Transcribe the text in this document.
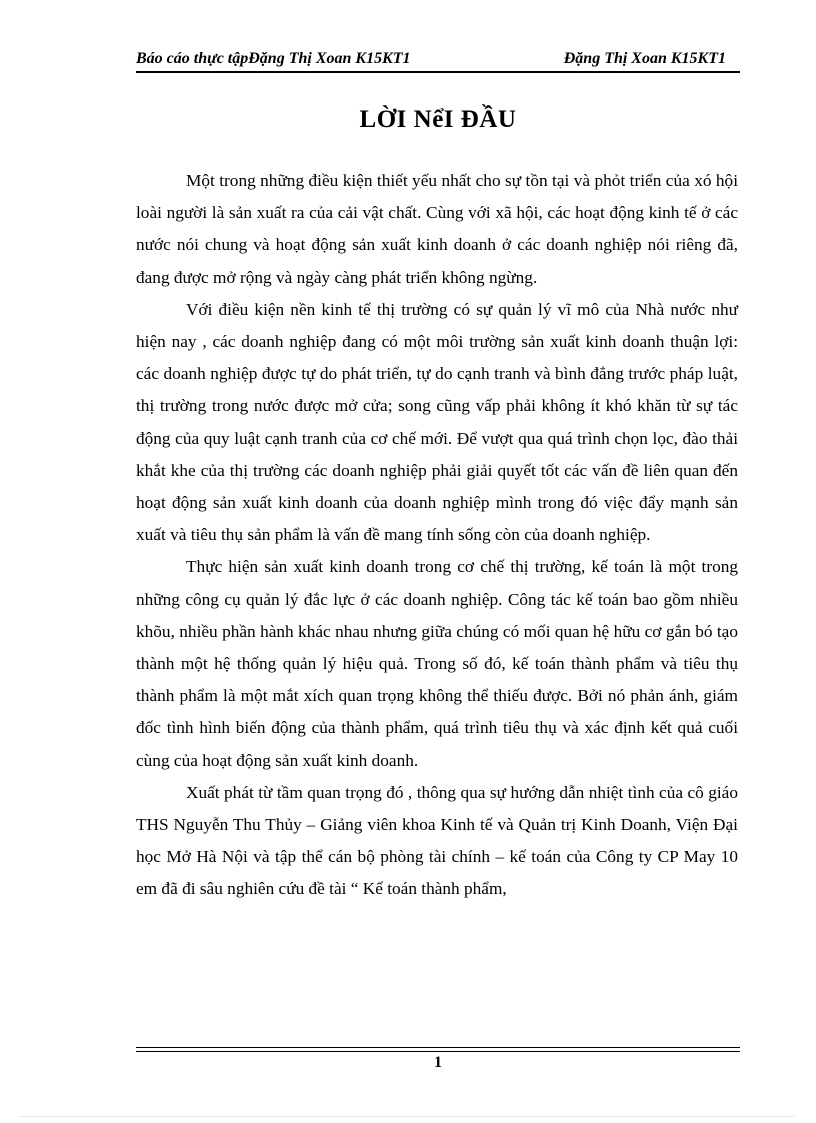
Báo cáo thực tậpĐặng Thị Xoan K15KT1	Đặng Thị Xoan K15KT1
LỜI NểI ĐẦU

Một trong những điều kiện thiết yếu nhất cho sự tồn tại và phỏt triển của xó hội loài người là sản xuất ra của cải vật chất. Cùng với xã hội, các hoạt động kinh tế ở các nước nói chung và hoạt động sản xuất kinh doanh ở các doanh nghiệp nói riêng đã, đang được mở rộng và ngày càng phát triển không ngừng.

Với điều kiện nền kinh tế thị trường có sự quản lý vĩ mô của Nhà nước như hiện nay , các doanh nghiệp đang có một môi trường sản xuất kinh doanh thuận lợi: các doanh nghiệp được tự do phát triển, tự do cạnh tranh và bình đẳng trước pháp luật, thị trường trong nước được mở cửa; song cũng vấp phải không ít khó khăn từ sự tác động của quy luật cạnh tranh của cơ chế mới. Để vượt qua quá trình chọn lọc, đào thải khắt khe của thị trường các doanh nghiệp phải giải quyết tốt các vấn đề liên quan đến hoạt động sản xuất kinh doanh của doanh nghiệp mình trong đó việc đẩy mạnh sản xuất và tiêu thụ sản phẩm là vấn đề mang tính sống còn của doanh nghiệp.

Thực hiện sản xuất kinh doanh trong cơ chế thị trường, kế toán là một trong những công cụ quản lý đắc lực ở các doanh nghiệp. Công tác kế toán bao gồm nhiều khõu, nhiều phần hành khác nhau nhưng giữa chúng có mối quan hệ hữu cơ gắn bó tạo thành một hệ thống quản lý hiệu quả. Trong số đó, kế toán thành phẩm và tiêu thụ thành phẩm là một mắt xích quan trọng không thể thiếu được. Bởi nó phản ánh, giám đốc tình hình biến động của thành phẩm, quá trình tiêu thụ và xác định kết quả cuối cùng của hoạt động sản xuất kinh doanh.

Xuất phát từ tầm quan trọng đó , thông qua sự hướng dẫn nhiệt tình của cô giáo THS Nguyễn Thu Thủy – Giảng viên khoa Kinh tế và Quản trị Kinh Doanh, Viện Đại học Mở Hà Nội và tập thể cán bộ phòng tài chính – kế toán của Công ty CP May 10 em đã đi sâu nghiên cứu đề tài “ Kế toán thành phẩm,

1
